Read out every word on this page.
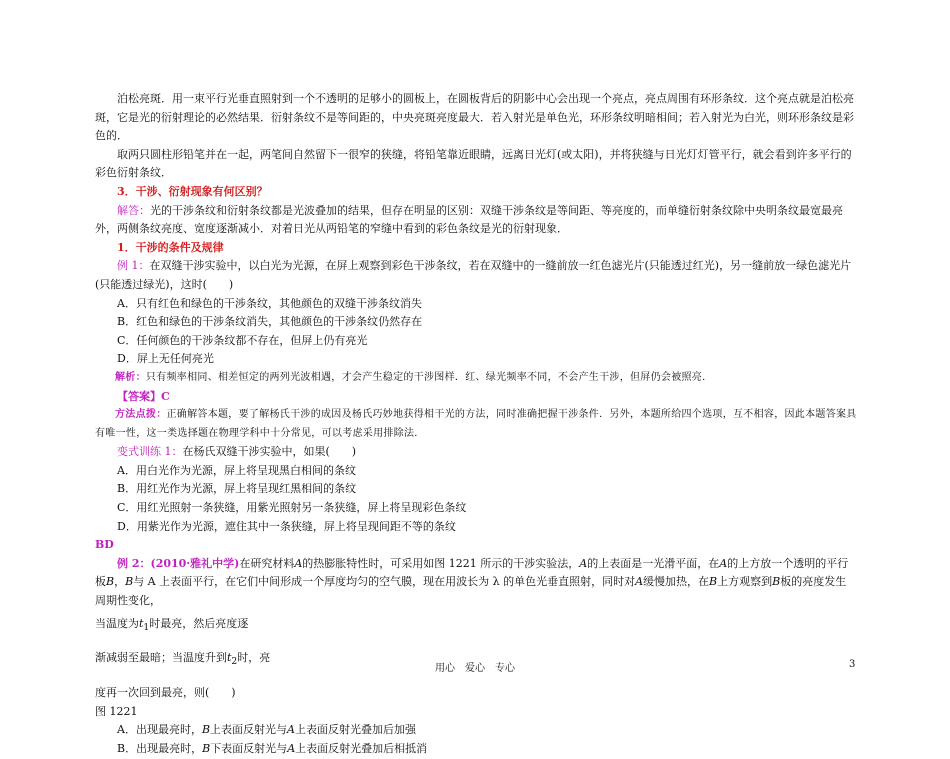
泊松亮斑．用一束平行光垂直照射到一个不透明的足够小的圆板上，在圆板背后的阴影中心会出现一个亮点，亮点周围有环形条纹．这个亮点就是泊松亮斑，它是光的衍射理论的必然结果．衍射条纹不是等间距的，中央亮斑亮度最大．若入射光是单色光，环形条纹明暗相间；若入射光为白光，则环形条纹是彩色的．

取两只圆柱形铅笔并在一起，两笔间自然留下一很窄的狭缝，将铅笔靠近眼睛，远离日光灯(或太阳)，并将狭缝与日光灯灯管平行，就会看到许多平行的彩色衍射条纹．

3．干涉、衍射现象有何区别？

解答：光的干涉条纹和衍射条纹都是光波叠加的结果，但存在明显的区别：双缝干涉条纹是等间距、等亮度的，而单缝衍射条纹除中央明条纹最宽最亮外，两侧条纹亮度、宽度逐渐减小．对着日光从两铅笔的窄缝中看到的彩色条纹是光的衍射现象．

1．干涉的条件及规律

例 1：在双缝干涉实验中，以白光为光源，在屏上观察到彩色干涉条纹，若在双缝中的一缝前放一红色滤光片(只能透过红光)，另一缝前放一绿色滤光片(只能透过绿光)，这时(　　)

A．只有红色和绿色的干涉条纹，其他颜色的双缝干涉条纹消失

B．红色和绿色的干涉条纹消失，其他颜色的干涉条纹仍然存在

C．任何颜色的干涉条纹都不存在，但屏上仍有亮光

D．屏上无任何亮光

解析：只有频率相同、相差恒定的两列光波相遇，才会产生稳定的干涉图样．红、绿光频率不同，不会产生干涉，但屏仍会被照亮．

【答案】C

方法点拨：正确解答本题，要了解杨氏干涉的成因及杨氏巧妙地获得相干光的方法，同时准确把握干涉条件．另外，本题所给四个选项，互不相容，因此本题答案具有唯一性，这一类选择题在物理学科中十分常见，可以考虑采用排除法．

变式训练 1：在杨氏双缝干涉实验中，如果(　　)

A．用白光作为光源，屏上将呈现黑白相间的条纹

B．用红光作为光源，屏上将呈现红黑相间的条纹

C．用红光照射一条狭缝，用紫光照射另一条狭缝，屏上将呈现彩色条纹

D．用紫光作为光源，遮住其中一条狭缝，屏上将呈现间距不等的条纹

BD

例 2：(2010·雅礼中学)在研究材料A的热膨胀特性时，可采用如图 1221 所示的干涉实验法，A的上表面是一光滑平面，在A的上方放一个透明的平行板B，B与 A 上表面平行，在它们中间形成一个厚度均匀的空气膜，现在用波长为 λ 的单色光垂直照射，同时对A缓慢加热，在B上方观察到B板的亮度发生周期性变化，

当温度为$t_1$时最亮，然后亮度逐

渐减弱至最暗；当温度升到$t_2$时，亮

度再一次回到最亮，则(　　)

图 1221

A．出现最亮时，B上表面反射光与A上表面反射光叠加后加强

B．出现最亮时，B下表面反射光与A上表面反射光叠加后相抵消

用心　爱心　专心	3
